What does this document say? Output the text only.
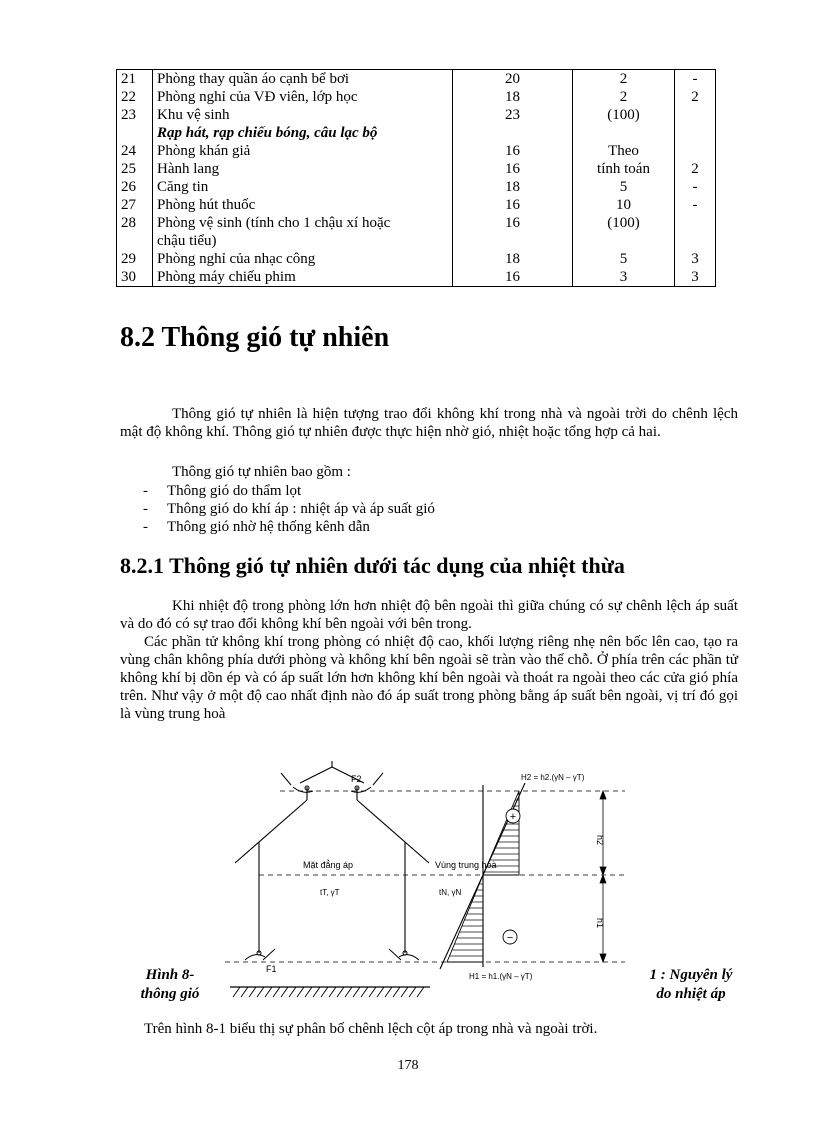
21	Phòng thay quần áo cạnh bể bơi	20	2	-
22	Phòng nghỉ của VĐ viên, lớp học	18	2	2
23	Khu vệ sinh	23	(100)	
	Rạp hát, rạp chiếu bóng, câu lạc bộ			
24	Phòng khán giả	16	Theo	
25	Hành lang	16	tính toán	2
26	Căng tin	18	5	-
27	Phòng hút thuốc	16	10	-
28	Phòng vệ sinh (tính cho 1 chậu xí hoặc	16	(100)	
	chậu tiểu)			
29	Phòng nghỉ của nhạc công	18	5	3
30	Phòng máy chiếu phim	16	3	3
8.2 Thông gió tự nhiên

Thông gió tự nhiên là hiện tượng trao đổi không khí trong nhà và ngoài trời do chênh lệch mật độ không khí. Thông gió tự nhiên được thực hiện nhờ gió, nhiệt hoặc tổng hợp cả hai.

Thông gió tự nhiên bao gồm :

- Thông gió do thẩm lọt
- Thông gió do khí áp : nhiệt áp và áp suất gió
- Thông gió nhờ hệ thống kênh dẫn
8.2.1 Thông gió tự nhiên dưới tác dụng của nhiệt thừa

Khi nhiệt độ trong phòng lớn hơn nhiệt độ bên ngoài thì giữa chúng có sự chênh lệch áp suất và do đó có sự trao đổi không khí bên ngoài với bên trong.

Các phần tử không khí trong phòng có nhiệt độ cao, khối lượng riêng nhẹ nên bốc lên cao, tạo ra vùng chân không phía dưới phòng và không khí bên ngoài sẽ tràn vào thế chỗ. Ở phía trên các phần tử không khí bị dồn ép và có áp suất lớn hơn không khí bên ngoài và thoát ra ngoài theo các cửa gió phía trên. Như vậy ở một độ cao nhất định nào đó áp suất trong phòng bằng áp suất bên ngoài, vị trí đó gọi là vùng trung hoà

+
−
h2
h1
F2
F1
Mặt đẳng áp	Vùng trung hoà
tT, γT	tN, γN
H2 = h2.(γN – γT)
H1 = h1.(γN – γT)
Hình 8-
thông gió
1 : Nguyên lý
do nhiệt áp

Trên hình 8-1 biểu thị sự phân bố chênh lệch cột áp trong nhà và ngoài trời.

178
